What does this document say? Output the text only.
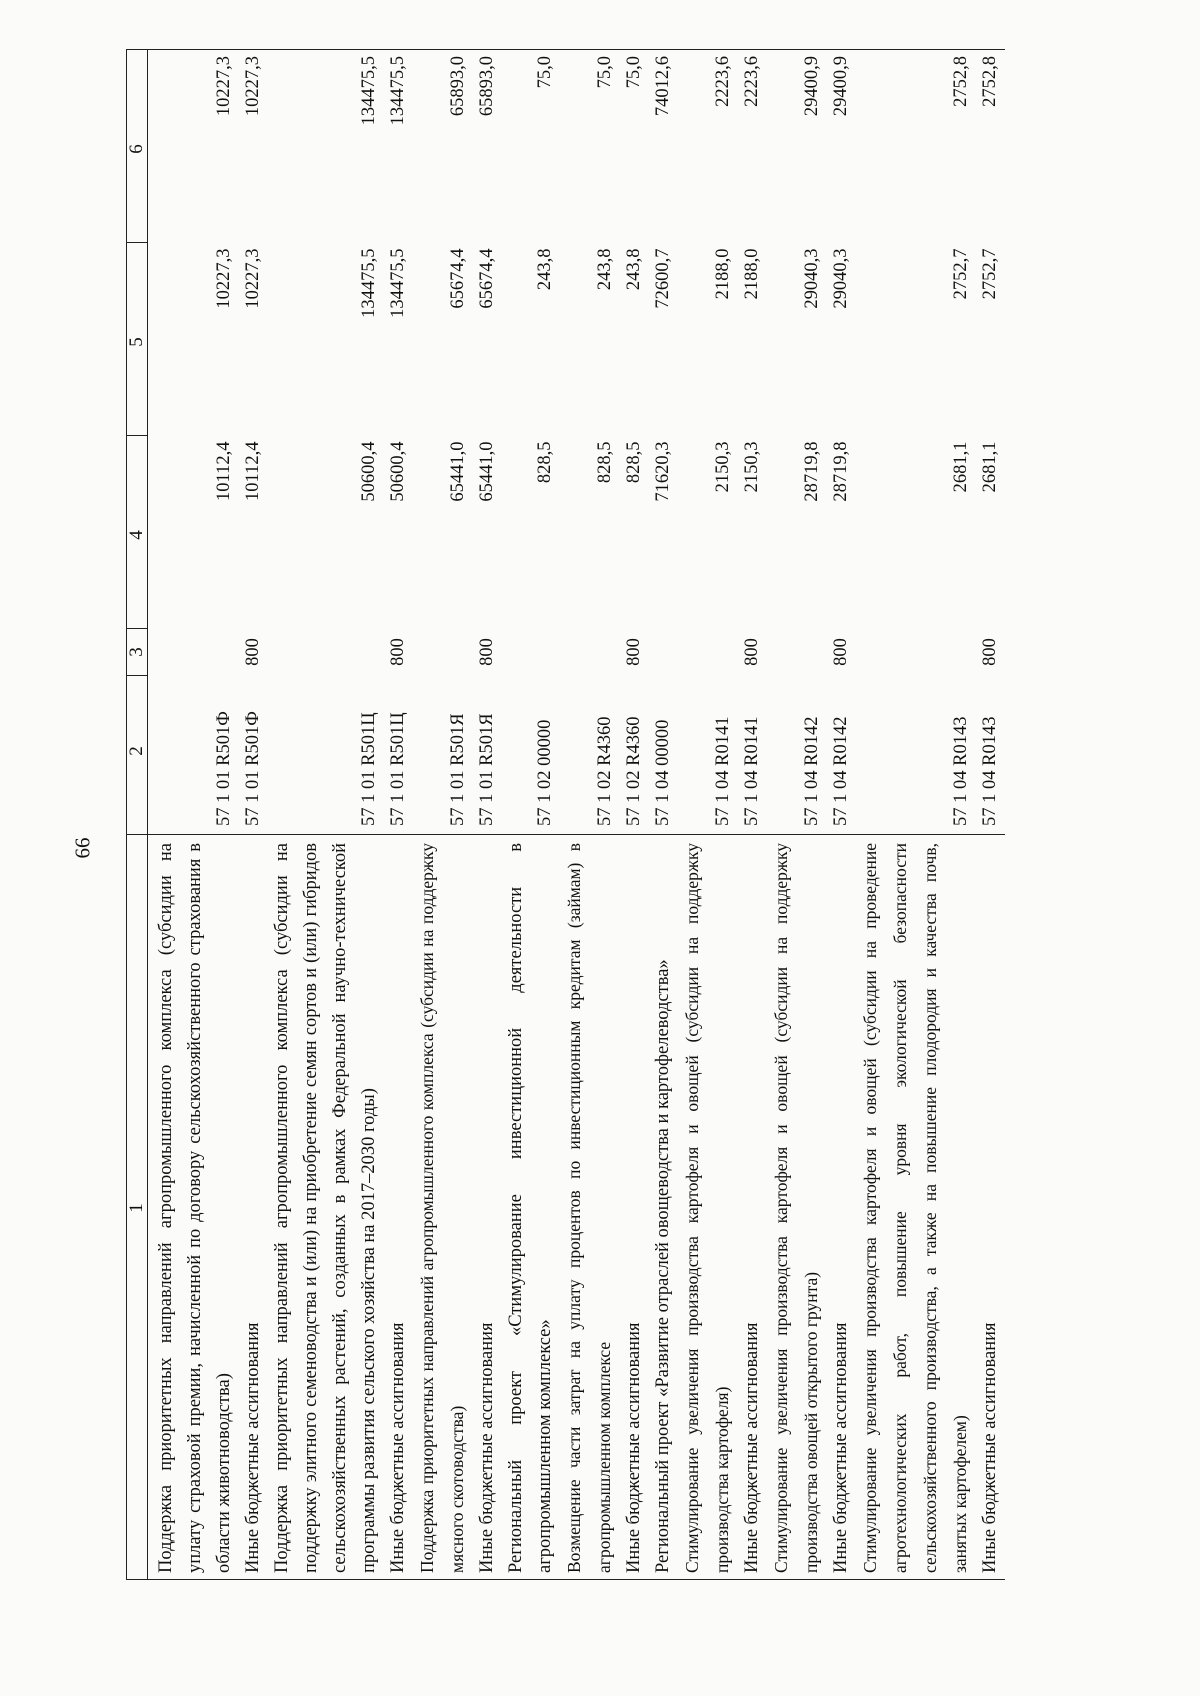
66
1	2	3	4	5	6
Поддержка приоритетных направлений агропромышленного комплекса (субсидии на уплату страховой премии, начисленной по договору сельскохозяйственного страхования в области животноводства)	57 1 01 R501Ф		10112,4	10227,3	10227,3
Иные бюджетные ассигнования	57 1 01 R501Ф	800	10112,4	10227,3	10227,3
Поддержка приоритетных направлений агропромышленного комплекса (субсидии на поддержку элитного семеноводства и (или) на приобретение семян сортов и (или) гибридов сельскохозяйственных растений, созданных в рамках Федеральной научно-технической программы развития сельского хозяйства на 2017–2030 годы)	57 1 01 R501Ц		50600,4	134475,5	134475,5
Иные бюджетные ассигнования	57 1 01 R501Ц	800	50600,4	134475,5	134475,5
Поддержка приоритетных направлений агропромышленного комплекса (субсидии на поддержку мясного скотоводства)	57 1 01 R501Я		65441,0	65674,4	65893,0
Иные бюджетные ассигнования	57 1 01 R501Я	800	65441,0	65674,4	65893,0
Региональный проект «Стимулирование инвестиционной деятельности в агропромышленном комплексе»	57 1 02 00000		828,5	243,8	75,0
Возмещение части затрат на уплату процентов по инвестиционным кредитам (займам) в агропромышленном комплексе	57 1 02 R4360		828,5	243,8	75,0
Иные бюджетные ассигнования	57 1 02 R4360	800	828,5	243,8	75,0
Региональный проект «Развитие отраслей овощеводства и картофелеводства»	57 1 04 00000		71620,3	72600,7	74012,6
Стимулирование увеличения производства картофеля и овощей (субсидии на поддержку производства картофеля)	57 1 04 R0141		2150,3	2188,0	2223,6
Иные бюджетные ассигнования	57 1 04 R0141	800	2150,3	2188,0	2223,6
Стимулирование увеличения производства картофеля и овощей (субсидии на поддержку производства овощей открытого грунта)	57 1 04 R0142		28719,8	29040,3	29400,9
Иные бюджетные ассигнования	57 1 04 R0142	800	28719,8	29040,3	29400,9
Стимулирование увеличения производства картофеля и овощей (субсидии на проведение агротехнологических работ, повышение уровня экологической безопасности сельскохозяйственного производства, а также на повышение плодородия и качества почв, занятых картофелем)	57 1 04 R0143		2681,1	2752,7	2752,8
Иные бюджетные ассигнования	57 1 04 R0143	800	2681,1	2752,7	2752,8
